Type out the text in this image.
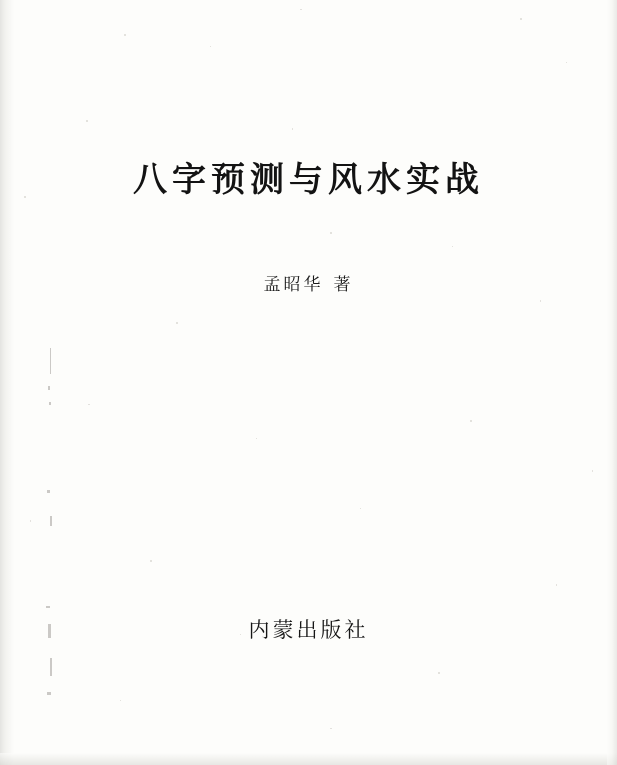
八字预测与风水实战
孟昭华 著
内蒙出版社
